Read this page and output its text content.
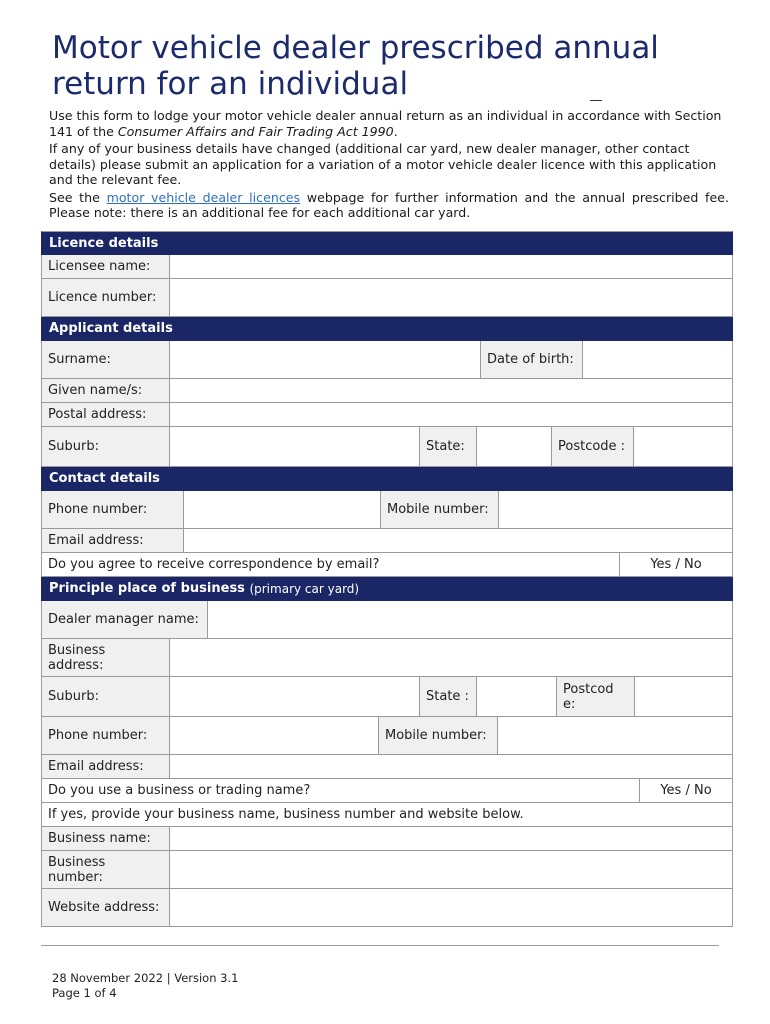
Motor vehicle dealer prescribed annual return for an individual

Use this form to lodge your motor vehicle dealer annual return as an individual in accordance with Section 141 of the Consumer Affairs and Fair Trading Act 1990.

If any of your business details have changed (additional car yard, new dealer manager, other contact details) please submit an application for a variation of a motor vehicle dealer licence with this application and the relevant fee.

See the motor vehicle dealer licences webpage for further information and the annual prescribed fee. Please note: there is an additional fee for each additional car yard.

Licence details
Licensee name:
Licence number:
Applicant details
Surname:	Date of birth:
Given name/s:
Postal address:
Suburb:	State:	Postcode :
Contact details
Phone number:	Mobile number:
Email address:
Do you agree to receive correspondence by email?	Yes / No
Principle place of business
(primary car yard)
Dealer manager name:
Business address:
Suburb:	State :	Postcod e:
Phone number:	Mobile number:
Email address:
Do you use a business or trading name?	Yes / No
If yes, provide your business name, business number and website below.
Business name:
Business number:
Website address:
28 November 2022 | Version 3.1
Page 1 of 4
